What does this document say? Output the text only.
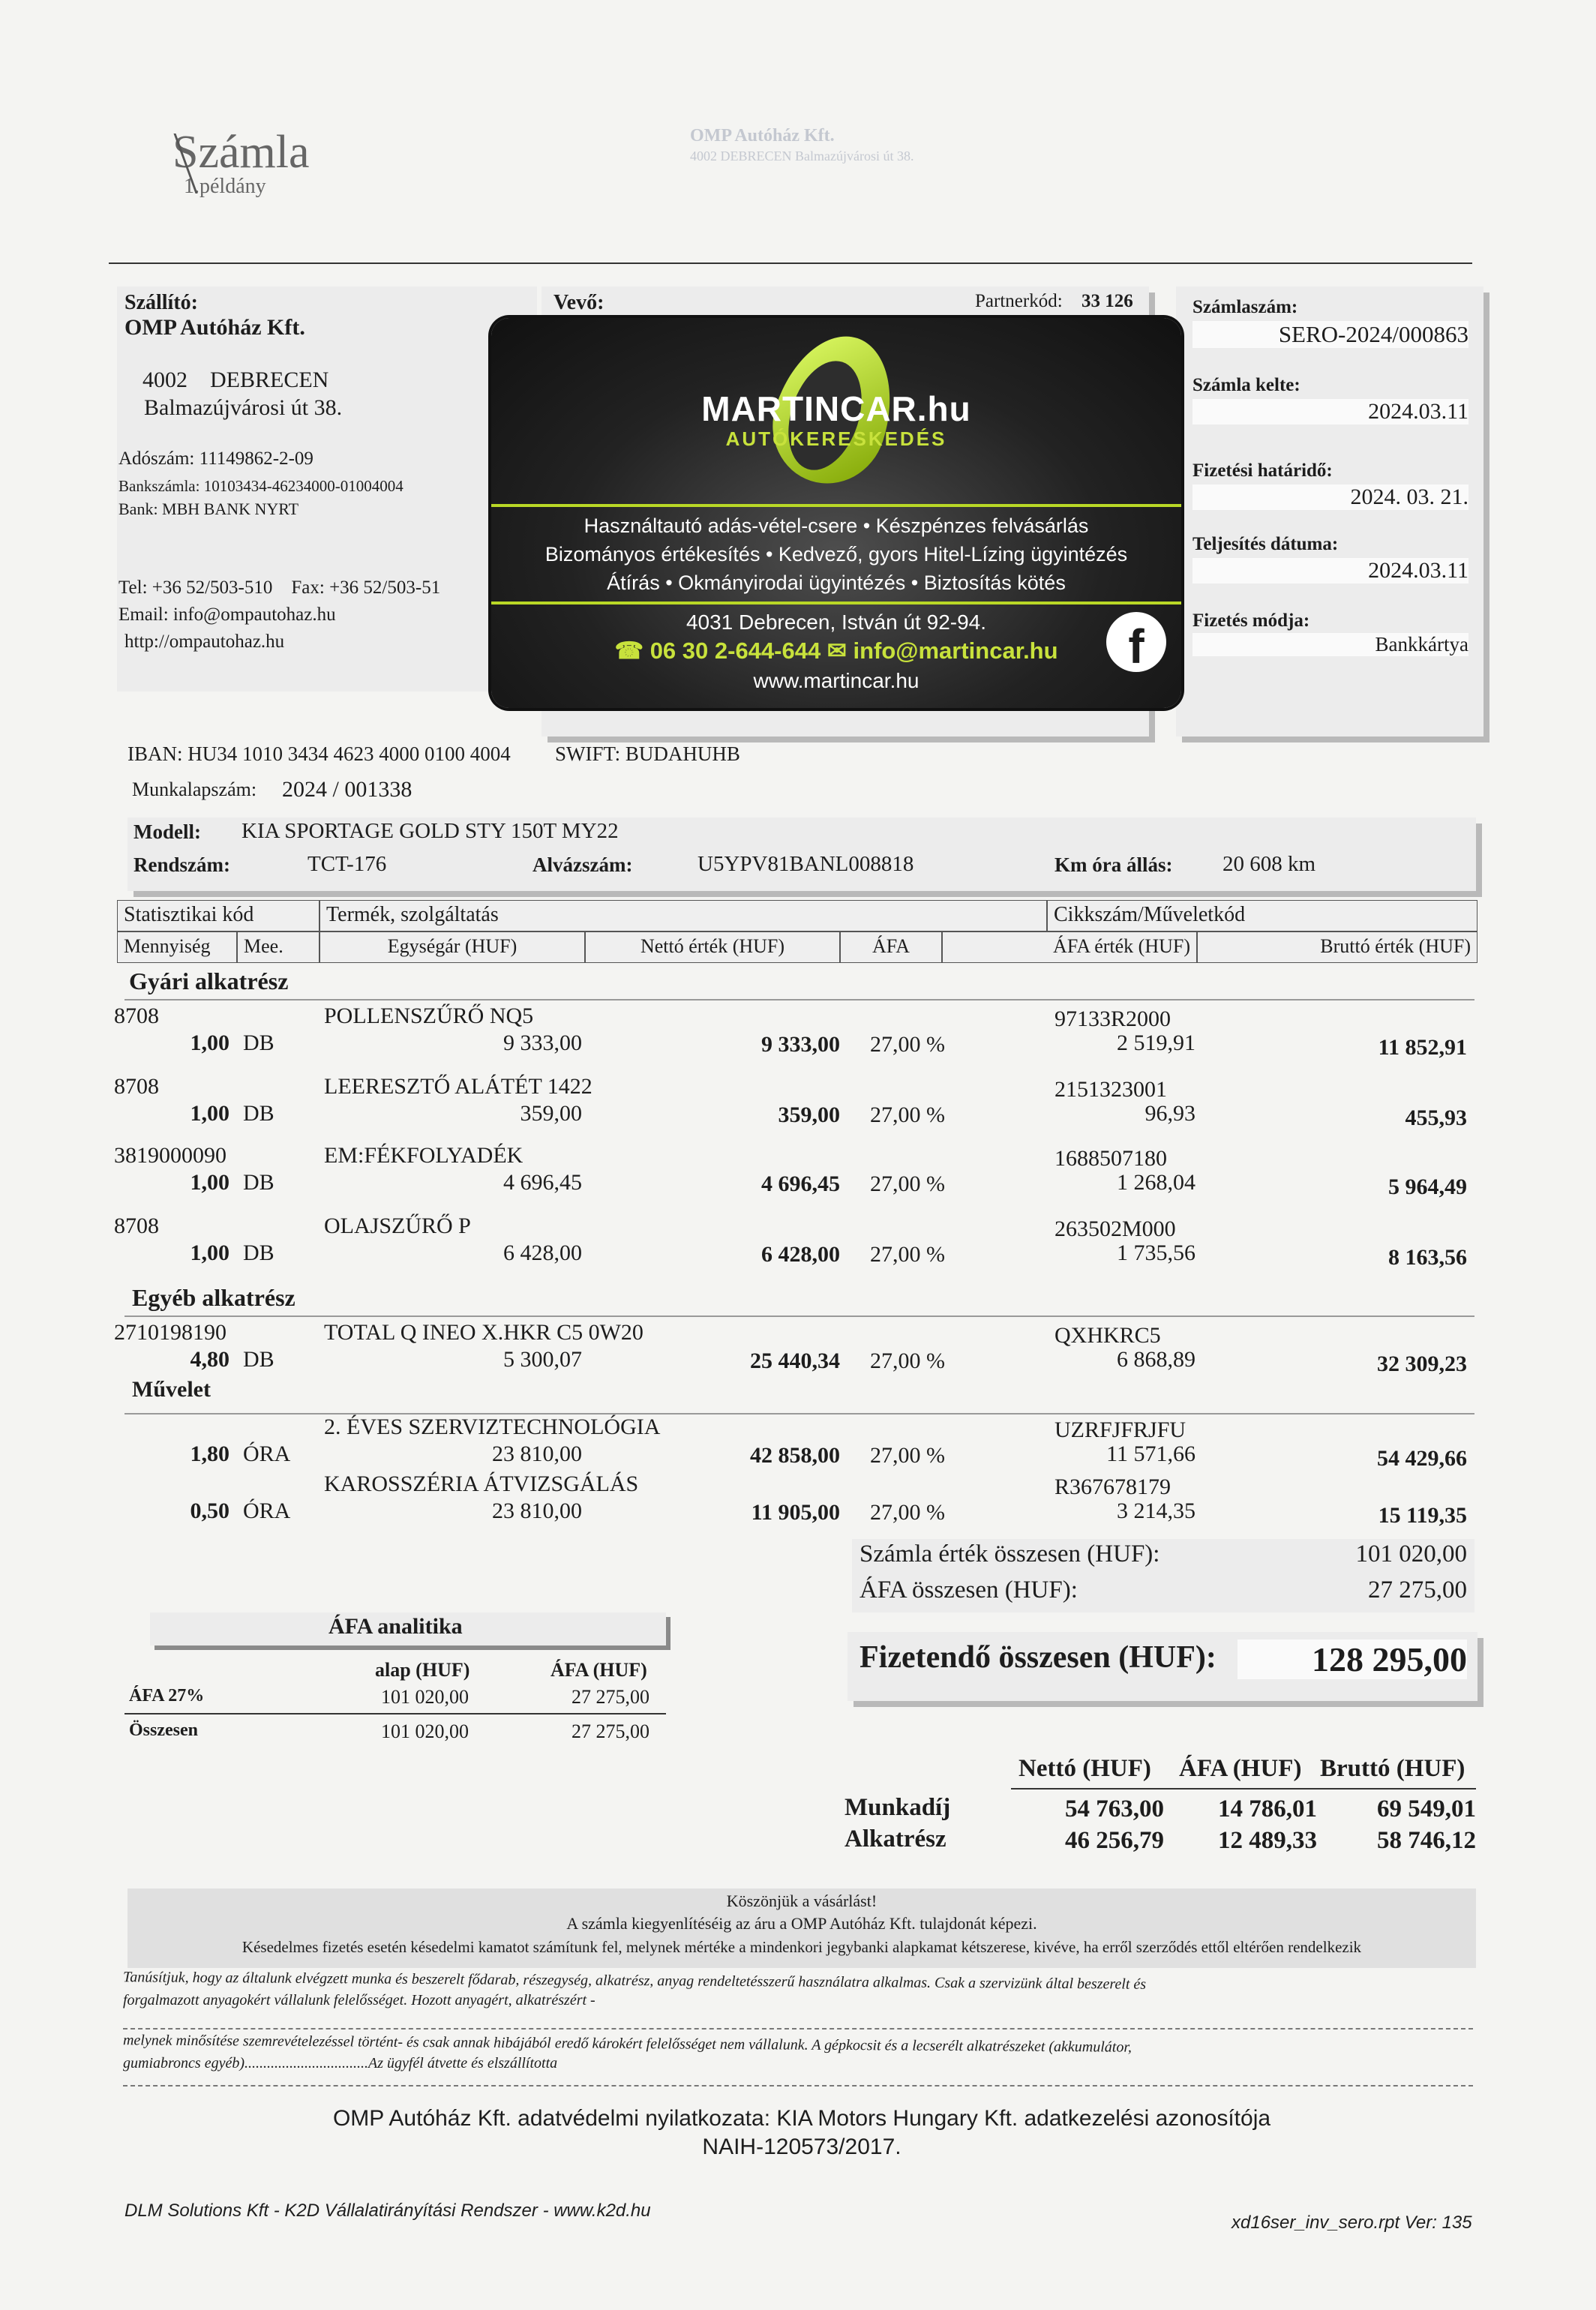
Számla
1.példány
OMP Autóház Kft.
4002 DEBRECEN Balmazújvárosi út 38.
Szállító:
OMP Autóház Kft.
4002    DEBRECEN
Balmazújvárosi út 38.
Adószám: 11149862-2-09
Bankszámla: 10103434-46234000-01004004
Bank: MBH BANK NYRT
Tel: +36 52/503-510    Fax: +36 52/503-51
Email: info@ompautohaz.hu
http://ompautohaz.hu
Vevő:	Partnerkód: 33 126	Számlaszám:
SERO-2024/000863
Számla kelte:
2024.03.11
Fizetési határidő:
2024. 03. 21.
Teljesítés dátuma:
2024.03.11
Fizetés módja:
Bankkártya
MARTINCAR.hu
AUTÓKERESKEDÉS
Használtautó adás-vétel-csere • Készpénzes felvásárlás
Bizományos értékesítés • Kedvező, gyors Hitel-Lízing ügyintézés
Átírás • Okmányirodai ügyintézés • Biztosítás kötés
4031 Debrecen, István út 92-94.
☎ 06 30 2-644-644 ✉ info@martincar.hu
www.martincar.hu
f
IBAN: HU34 1010 3434 4623 4000 0100 4004 SWIFT: BUDAHUHB
Munkalapszám: 2024 / 001338
Modell: KIA SPORTAGE GOLD STY 150T MY22
Rendszám:	TCT-176	Alvázszám:	U5YPV81BANL008818	Km óra állás: 20 608 km
Statisztikai kód	Termék, szolgáltatás	Cikkszám/Műveletkód
Mennyiség	Mee.	Egységár (HUF)	Nettó érték (HUF)	ÁFA	ÁFA érték (HUF)	Bruttó érték (HUF)
Gyári alkatrész
Egyéb alkatrész
Művelet
8708	POLLENSZŰRŐ NQ5	97133R2000
1,00 DB	9 333,00	9 333,00 27,00 %	2 519,91	11 852,91
8708	LEERESZTŐ ALÁTÉT 1422	2151323001
1,00 DB	359,00	359,00 27,00 %	96,93	455,93
3819000090	EM:FÉKFOLYADÉK	1688507180
1,00 DB	4 696,45	4 696,45 27,00 %	1 268,04	5 964,49
8708	OLAJSZŰRŐ P	263502M000
1,00 DB	6 428,00	6 428,00 27,00 %	1 735,56	8 163,56
2710198190	TOTAL Q INEO X.HKR C5 0W20	QXHKRC5
4,80 DB	5 300,07	25 440,34 27,00 %	6 868,89	32 309,23
2. ÉVES SZERVIZTECHNOLÓGIA	UZRFJFRJFU
1,80 ÓRA	23 810,00	42 858,00 27,00 %	11 571,66	54 429,66
KAROSSZÉRIA ÁTVIZSGÁLÁS	R367678179
0,50 ÓRA	23 810,00	11 905,00 27,00 %	3 214,35	15 119,35
Számla érték összesen (HUF):	101 020,00
ÁFA összesen (HUF):	27 275,00
Fizetendő összesen (HUF):	128 295,00
ÁFA analitika
alap (HUF)	ÁFA (HUF)
ÁFA 27%	101 020,00	27 275,00
Összesen	101 020,00	27 275,00
Nettó (HUF) ÁFA (HUF) Bruttó (HUF)
Munkadíj	54 763,00	14 786,01	69 549,01
Alkatrész	46 256,79	12 489,33	58 746,12
Köszönjük a vásárlást!
A számla kiegyenlítéséig az áru a OMP Autóház Kft. tulajdonát képezi.
Késedelmes fizetés esetén késedelmi kamatot számítunk fel, melynek mértéke a mindenkori jegybanki alapkamat kétszerese, kivéve, ha erről szerződés ettől eltérően rendelkezik
Tanúsítjuk, hogy az általunk elvégzett munka és beszerelt fődarab, részegység, alkatrész, anyag rendeltetésszerű használatra alkalmas. Csak a szervizünk által beszerelt és
forgalmazott anyagokért vállalunk felelősséget. Hozott anyagért, alkatrészért -
melynek minősítése szemrevételezéssel történt- és csak annak hibájából eredő károkért felelősséget nem vállalunk. A gépkocsit és a lecserélt alkatrészeket (akkumulátor,
gumiabroncs egyéb).................................Az ügyfél átvette és elszállította
OMP Autóház Kft. adatvédelmi nyilatkozata: KIA Motors Hungary Kft. adatkezelési azonosítója
NAIH-120573/2017.
DLM Solutions Kft - K2D Vállalatirányítási Rendszer - www.k2d.hu
xd16ser_inv_sero.rpt Ver: 135
